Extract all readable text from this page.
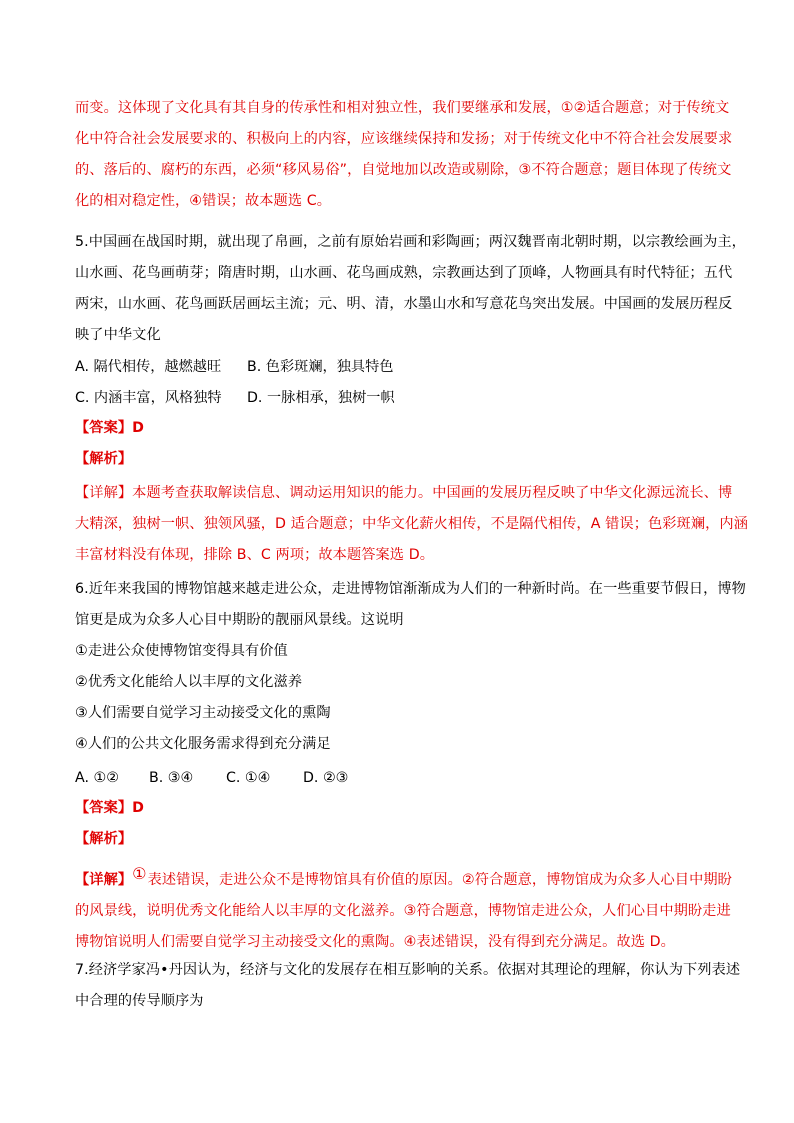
而变。这体现了文化具有其自身的传承性和相对独立性，我们要继承和发展，①②适合题意；对于传统文
化中符合社会发展要求的、积极向上的内容，应该继续保持和发扬；对于传统文化中不符合社会发展要求
的、落后的、腐朽的东西，必须“移风易俗”，自觉地加以改造或剔除，③不符合题意；题目体现了传统文
化的相对稳定性，④错误；故本题选 C。
5.中国画在战国时期，就出现了帛画，之前有原始岩画和彩陶画；两汉魏晋南北朝时期，以宗教绘画为主，
山水画、花鸟画萌芽；隋唐时期，山水画、花鸟画成熟，宗教画达到了顶峰，人物画具有时代特征；五代
两宋，山水画、花鸟画跃居画坛主流；元、明、清，水墨山水和写意花鸟突出发展。中国画的发展历程反
映了中华文化
A. 隔代相传，越燃越旺 B. 色彩斑斓，独具特色
C. 内涵丰富，风格独特 D. 一脉相承，独树一帜
【答案】D
【解析】
【详解】本题考查获取解读信息、调动运用知识的能力。中国画的发展历程反映了中华文化源远流长、博
大精深，独树一帜、独领风骚，D 适合题意；中华文化薪火相传，不是隔代相传，A 错误；色彩斑斓，内涵
丰富材料没有体现，排除 B、C 两项；故本题答案选 D。
6.近年来我国的博物馆越来越走进公众，走进博物馆渐渐成为人们的一种新时尚。在一些重要节假日，博物
馆更是成为众多人心目中期盼的靓丽风景线。这说明
①走进公众使博物馆变得具有价值
②优秀文化能给人以丰厚的文化滋养
③人们需要自觉学习主动接受文化的熏陶
④人们的公共文化服务需求得到充分满足
A. ①② B. ③④ C. ①④ D. ②③
【答案】D
【解析】
【详解】①表述错误，走进公众不是博物馆具有价值的原因。②符合题意，博物馆成为众多人心目中期盼
的风景线，说明优秀文化能给人以丰厚的文化滋养。③符合题意，博物馆走进公众，人们心目中期盼走进
博物馆说明人们需要自觉学习主动接受文化的熏陶。④表述错误，没有得到充分满足。故选 D。
7.经济学家冯•丹因认为，经济与文化的发展存在相互影响的关系。依据对其理论的理解，你认为下列表述
中合理的传导顺序为
